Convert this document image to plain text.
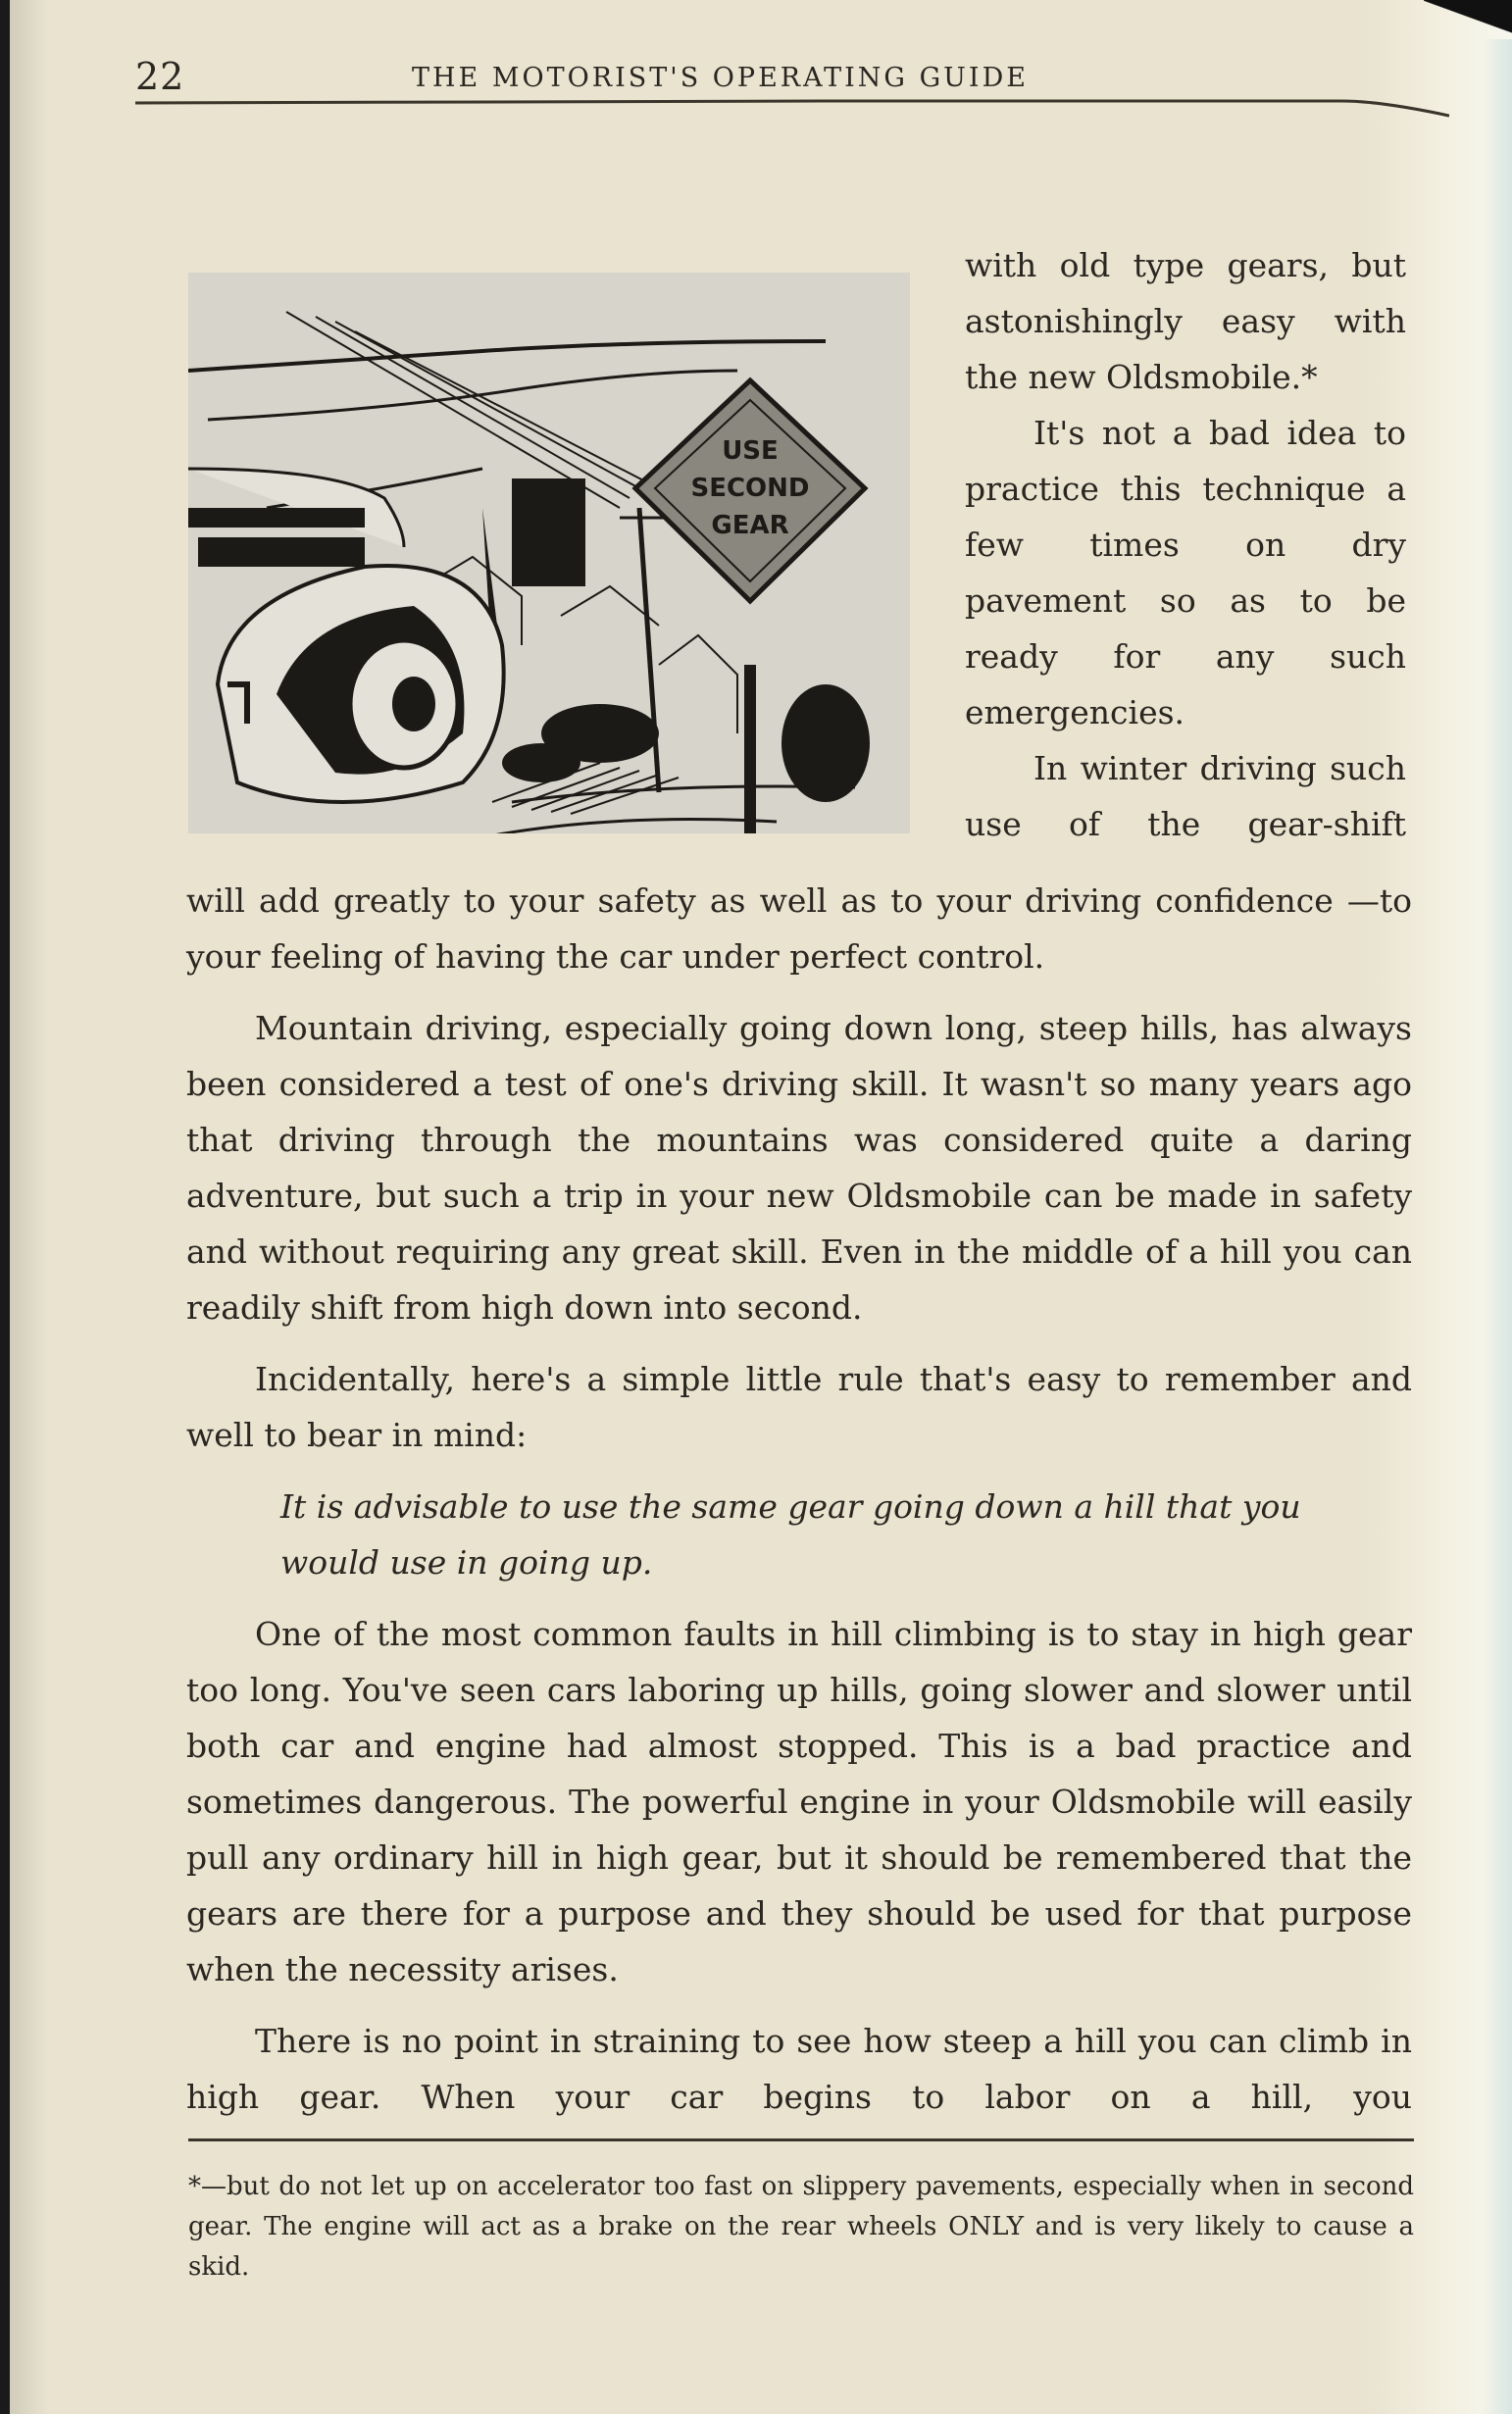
22	THE MOTORIST'S OPERATING GUIDE
USE
SECOND
GEAR

with old type gears, but astonishingly easy with the new Oldsmobile.*

It's not a bad idea to practice this technique a few times on dry pavement so as to be ready for any such emergencies.

In winter driving such use of the gear-shift

will add greatly to your safety as well as to your driving confidence —to your feeling of having the car under perfect control.

Mountain driving, especially going down long, steep hills, has always been considered a test of one's driving skill. It wasn't so many years ago that driving through the mountains was considered quite a daring adventure, but such a trip in your new Oldsmobile can be made in safety and without requiring any great skill. Even in the middle of a hill you can readily shift from high down into second.

Incidentally, here's a simple little rule that's easy to remember and well to bear in mind:

It is advisable to use the same gear going down a hill that you would use in going up.

One of the most common faults in hill climbing is to stay in high gear too long. You've seen cars laboring up hills, going slower and slower until both car and engine had almost stopped. This is a bad practice and sometimes dangerous. The powerful engine in your Oldsmobile will easily pull any ordinary hill in high gear, but it should be remembered that the gears are there for a purpose and they should be used for that purpose when the necessity arises.

There is no point in straining to see how steep a hill you can climb in high gear. When your car begins to labor on a hill, you

*—but do not let up on accelerator too fast on slippery pavements, especially when in second gear. The engine will act as a brake on the rear wheels ONLY and is very likely to cause a skid.
